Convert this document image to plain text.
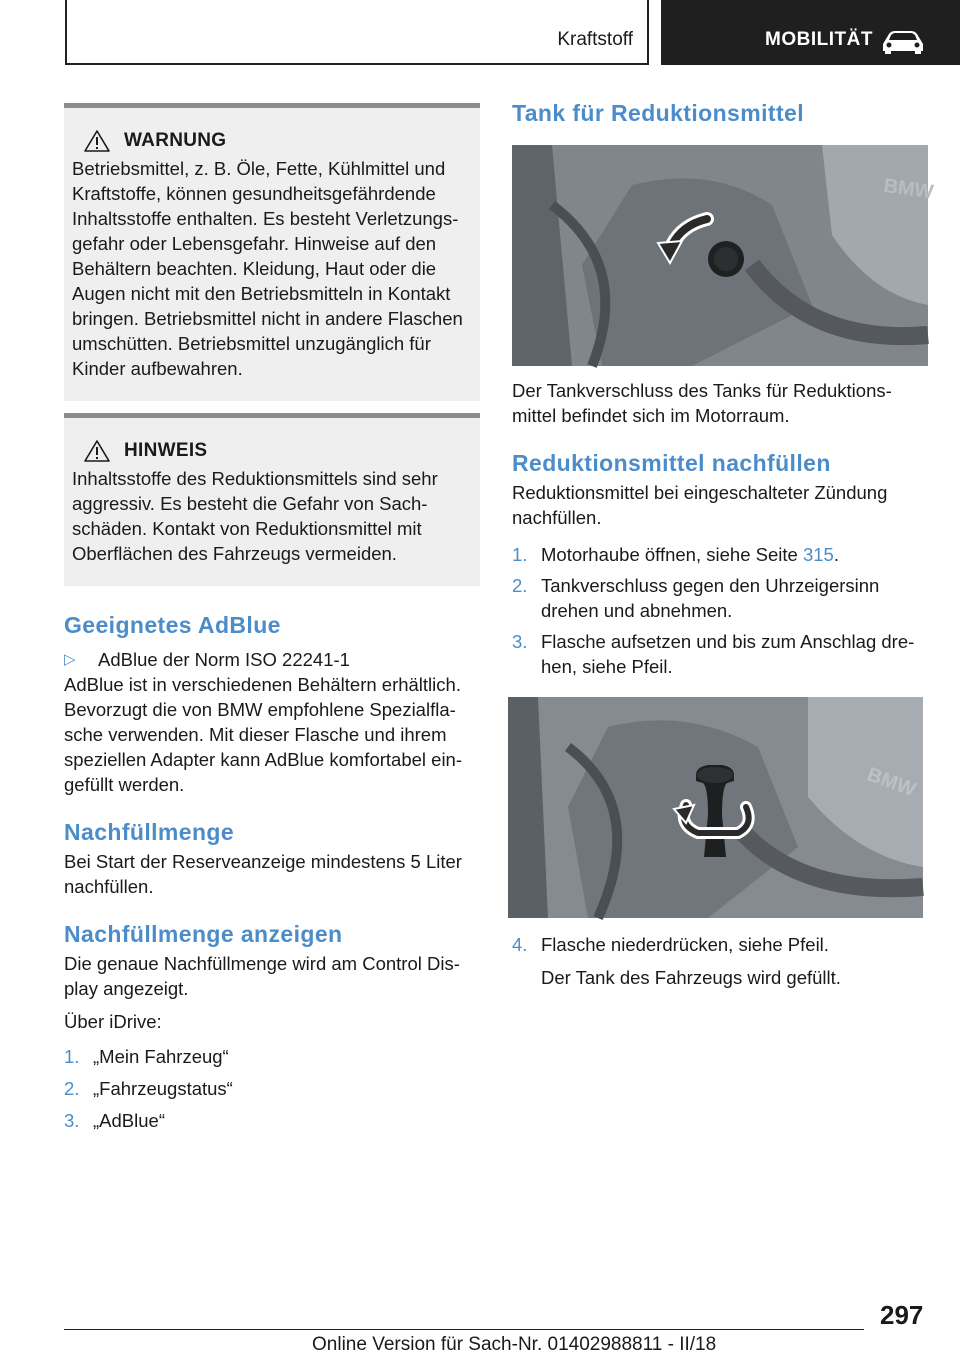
Kraftstoff	MOBILITÄT
WARNUNG

Betriebsmittel, z. B. Öle, Fette, Kühlmittel und Kraftstoffe, können gesundheitsgefährdende Inhaltsstoffe enthalten. Es besteht Verletzungsgefahr oder Lebensgefahr. Hinweise auf den Behältern beachten. Kleidung, Haut oder die Augen nicht mit den Betriebsmitteln in Kontakt bringen. Betriebsmittel nicht in andere Flaschen umschütten. Betriebsmittel unzugänglich für Kinder aufbewahren.

HINWEIS

Inhaltsstoffe des Reduktionsmittels sind sehr aggressiv. Es besteht die Gefahr von Sachschäden. Kontakt von Reduktionsmittel mit Oberflächen des Fahrzeugs vermeiden.

Geeignetes AdBlue
▷	AdBlue der Norm ISO 22241-1

AdBlue ist in verschiedenen Behältern erhältlich. Bevorzugt die von BMW empfohlene Spezialflasche verwenden. Mit dieser Flasche und ihrem speziellen Adapter kann AdBlue komfortabel eingefüllt werden.

Nachfüllmenge

Bei Start der Reserveanzeige mindestens 5 Liter nachfüllen.

Nachfüllmenge anzeigen

Die genaue Nachfüllmenge wird am Control Display angezeigt.

Über iDrive:

1. „Mein Fahrzeug“
2. „Fahrzeugstatus“
3. „AdBlue“
Tank für Reduktionsmittel
BMW

Der Tankverschluss des Tanks für Reduktionsmittel befindet sich im Motorraum.

Reduktionsmittel nachfüllen

Reduktionsmittel bei eingeschalteter Zündung nachfüllen.

1. Motorhaube öffnen, siehe Seite 315.
2. Tankverschluss gegen den Uhrzeigersinn drehen und abnehmen.
3. Flasche aufsetzen und bis zum Anschlag drehen, siehe Pfeil.
BMW
4. Flasche niederdrücken, siehe Pfeil.

Der Tank des Fahrzeugs wird gefüllt.

297
Online Version für Sach-Nr. 01402988811 - II/18
